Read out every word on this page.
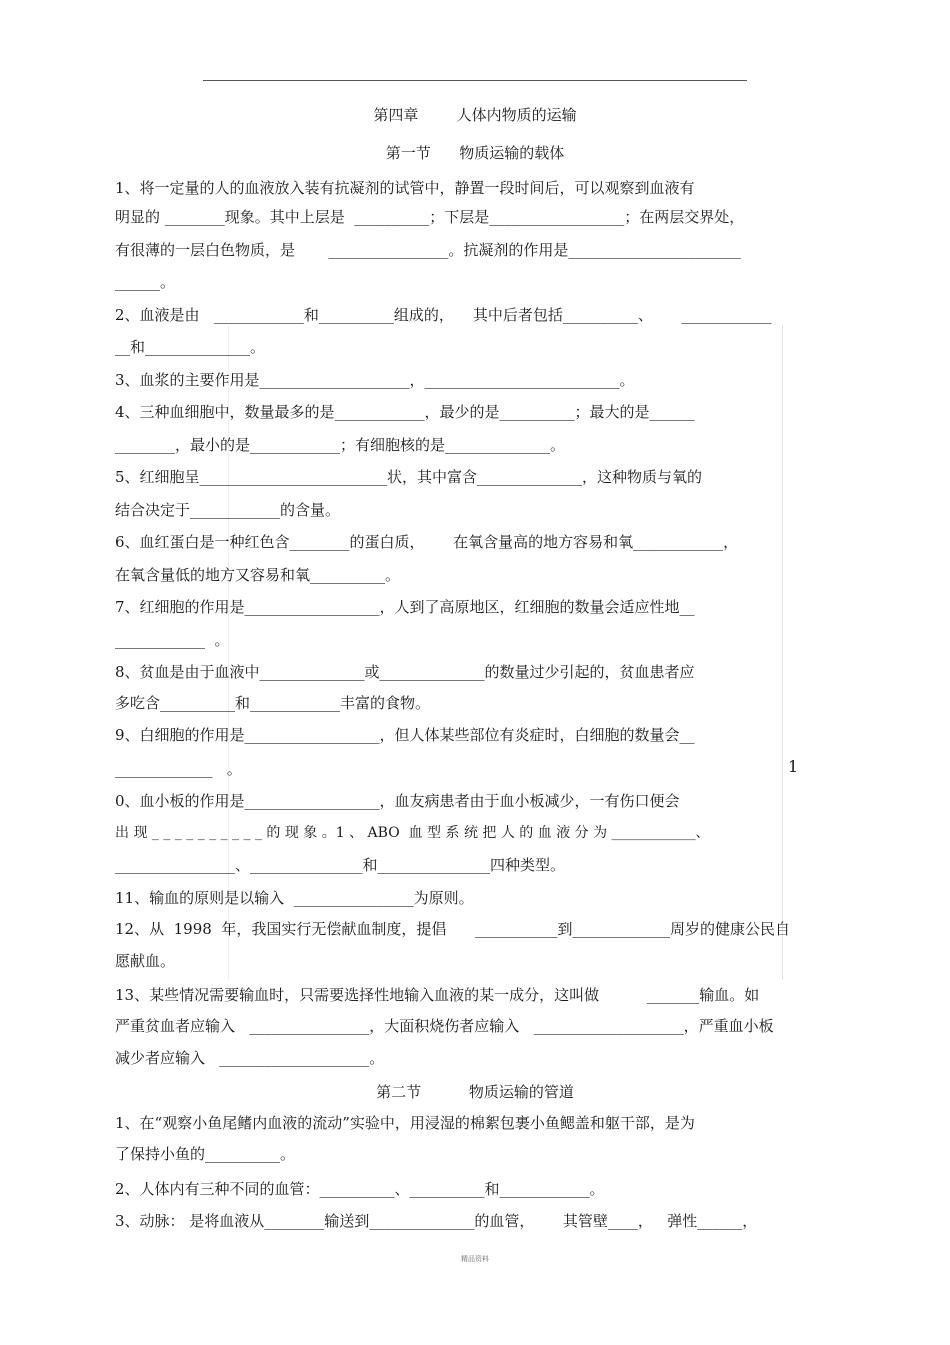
第四章        人体内物质的运输
第一节      物质运输的载体
1、将一定量的人的血液放入装有抗凝剂的试管中，静置一段时间后，可以观察到血液有
明显的 ________现象。其中上层是  __________；下层是__________________；在两层交界处，
有很薄的一层白色物质，是       ________________。抗凝剂的作用是_______________________
______。
2、血液是由   ____________和__________组成的，    其中后者包括__________、      ____________
__和______________。
3、血浆的主要作用是____________________，__________________________。
4、三种血细胞中，数量最多的是____________，最少的是__________；最大的是______
________，最小的是____________；有细胞核的是______________。
5、红细胞呈_________________________状，其中富含______________，这种物质与氧的
结合决定于____________的含量。
6、血红蛋白是一种红色含________的蛋白质，      在氧含量高的地方容易和氧____________，
在氧含量低的地方又容易和氧__________。
7、红细胞的作用是__________________，人到了高原地区，红细胞的数量会适应性地__
____________  。
8、贫血是由于血液中______________或______________的数量过少引起的，贫血患者应
多吃含__________和____________丰富的食物。
9、白细胞的作用是__________________，但人体某些部位有炎症时，白细胞的数量会__
_____________   。
0、血小板的作用是__________________，血友病患者由于血小板减少，一有伤口便会
出 现 _ _ _ _ _ _ _ _ _ _ 的 现 象 。1 、 ABO  血 型 系 统 把 人 的 血 液 分 为 ____________、
________________、_______________和_______________四种类型。
11、输血的原则是以输入  ________________为原则。
12、从  1998  年，我国实行无偿献血制度，提倡      ___________到_____________周岁的健康公民自
愿献血。
13、某些情况需要输血时，只需要选择性地输入血液的某一成分，这叫做          _______输血。如
严重贫血者应输入   ________________，大面积烧伤者应输入   ____________________，严重血小板
减少者应输入   ____________________。
第二节          物质运输的管道
1、在“观察小鱼尾鳍内血液的流动”实验中，用浸湿的棉絮包裹小鱼鳃盖和躯干部，是为
了保持小鱼的__________。
2、人体内有三种不同的血管：__________、__________和____________。
3、动脉： 是将血液从________输送到______________的血管，      其管壁____，   弹性______，
1
精品资料
